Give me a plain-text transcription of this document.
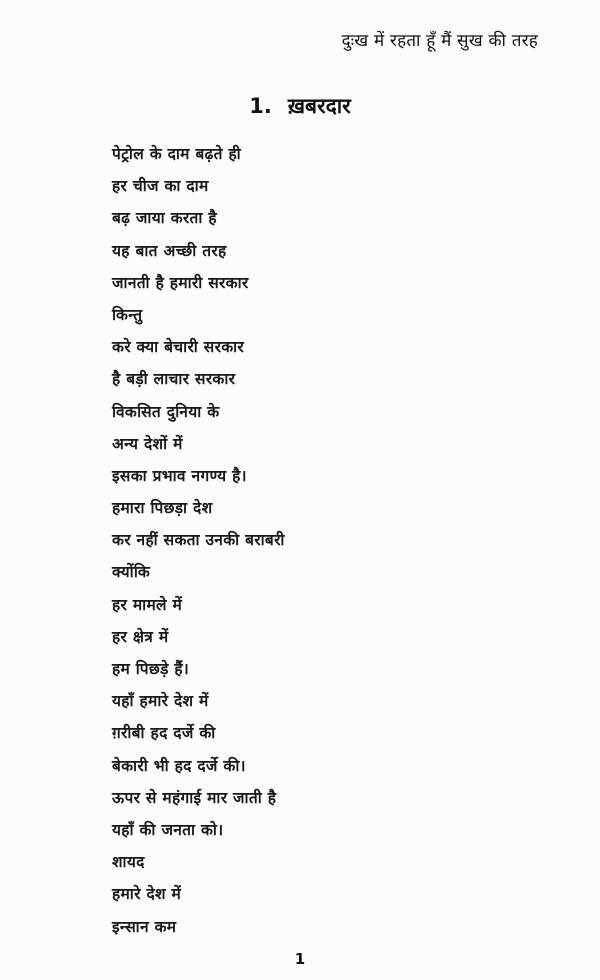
दुःख में रहता हूँ मैं सुख की तरह
1. ख़बरदार
पेट्रोल के दाम बढ़ते ही
हर चीज का दाम
बढ़ जाया करता है
यह बात अच्छी तरह
जानती है हमारी सरकार
किन्तु
करे क्या बेचारी सरकार
है बड़ी लाचार सरकार
विकसित दुनिया के
अन्य देशों में
इसका प्रभाव नगण्य है।
हमारा पिछड़ा देश
कर नहीं सकता उनकी बराबरी
क्योंकि
हर मामले में
हर क्षेत्र में
हम पिछड़े हैं।
यहाँ हमारे देश में
ग़रीबी हद दर्जे की
बेकारी भी हद दर्जे की।
ऊपर से महंगाई मार जाती है
यहाँ की जनता को।
शायद
हमारे देश में
इन्सान कम
1
